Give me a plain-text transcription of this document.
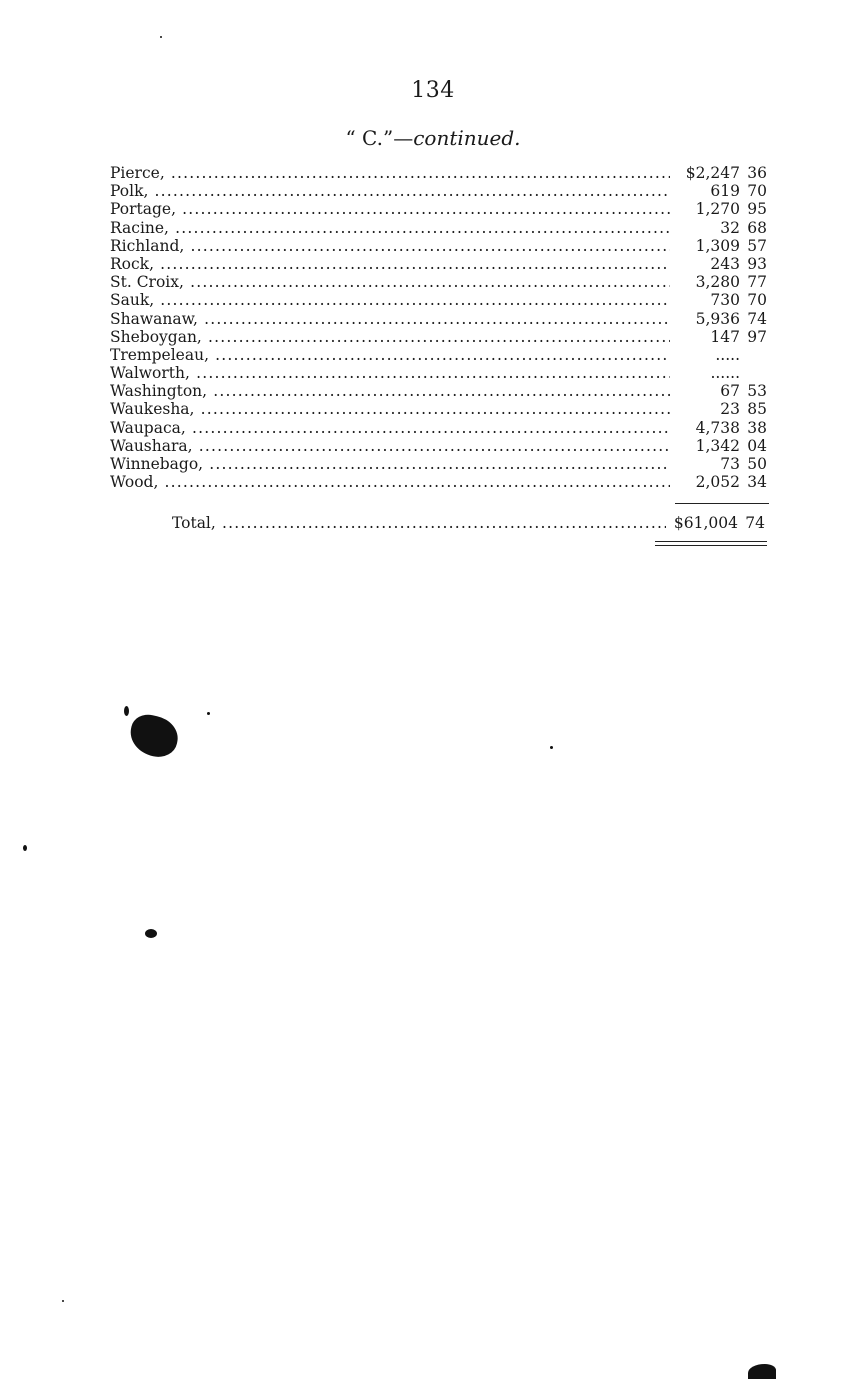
134
“ C.”—continued.
Pierce, .....	$2,247 36
Polk, .....	619 70
Portage, .....	1,270 95
Racine, .....	32 68
Richland, .....	1,309 57
Rock, .....	243 93
St. Croix, .....	3,280 77
Sauk, .....	730 70
Shawanaw, .....	5,936 74
Sheboygan, .....	147 97
Trempeleau, .....	.....
Walworth, .....	......
Washington, .....	67 53
Waukesha, .....	23 85
Waupaca, .....	4,738 38
Waushara, .....	1,342 04
Winnebago, .....	73 50
Wood, .....	2,052 34
Total, .....	$61,004 74
